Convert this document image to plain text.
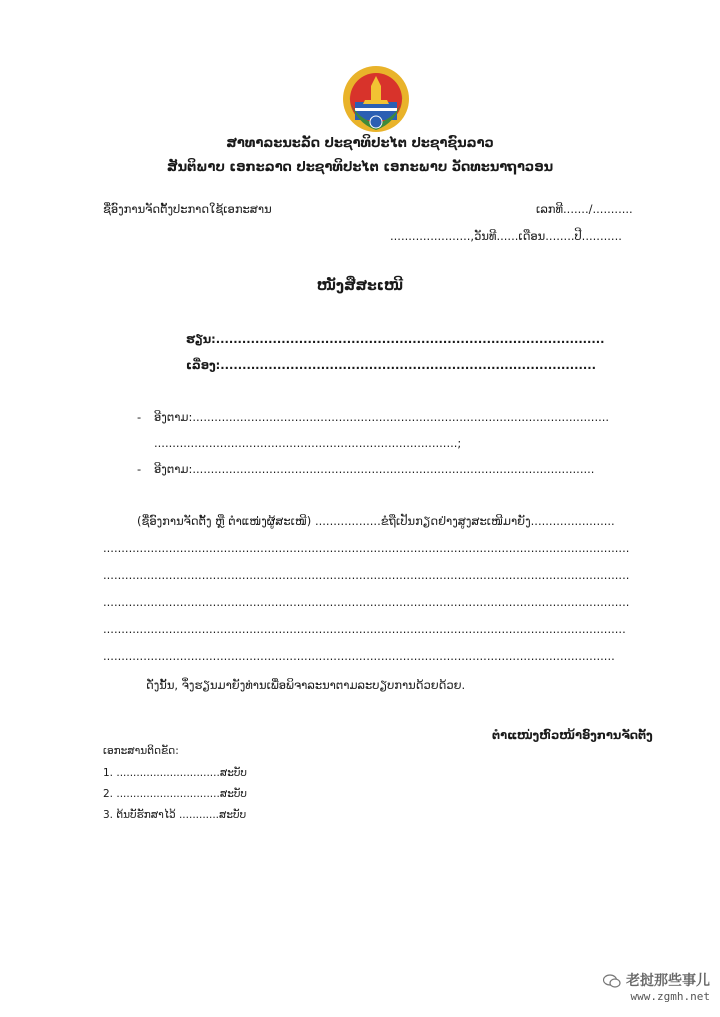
ສາທາລະນະລັດ ປະຊາທິປະໄຕ ປະຊາຊົນລາວ
ສັນຕິພາບ ເອກະລາດ ປະຊາທິປະໄຕ ເອກະພາບ ວັດທະນາຖາວອນ
ຊື່ອົງການຈັດຕັ້ງປະກາດໃຊ້ເອກະສານ	ເລກທີ......./...........
......................,ວັນທີ......ເດືອນ........ປີ...........
ໜັງສືສະເໜີ
ຮຽນ:.........................................................................................
ເລື່ອງ:......................................................................................
- ອີງຕາມ:..................................................................................................................
...................................................................................;
- ອີງຕາມ:..............................................................................................................
(ຊື່ອົງການຈັດຕັ້ງ ຫຼື ຕຳແໜ່ງຜູ້ສະເໜີ) ..................ຂໍຖືເປັນກຽດຢ່າງສູງສະເໜີມາຍັງ.......................
................................................................................................................................................
................................................................................................................................................
................................................................................................................................................
...............................................................................................................................................
............................................................................................................................................
ດັ່ງນັ້ນ, ຈຶ່ງຮຽນມາຍັງທ່ານເພື່ອພິຈາລະນາຕາມລະບຽບການດ້ວຍດ້ວຍ.
ຕຳແໜ່ງຫົວໜ້າອົງການຈັດຕັ້ງ
ເອກະສານຕິດຂັດ:
1. ...............................ສະບັບ
2. ...............................ສະບັບ
3. ຕ້ນບັຮັກສາໄວ້ ............ສະບັບ
老挝那些事儿
www.zgmh.net
